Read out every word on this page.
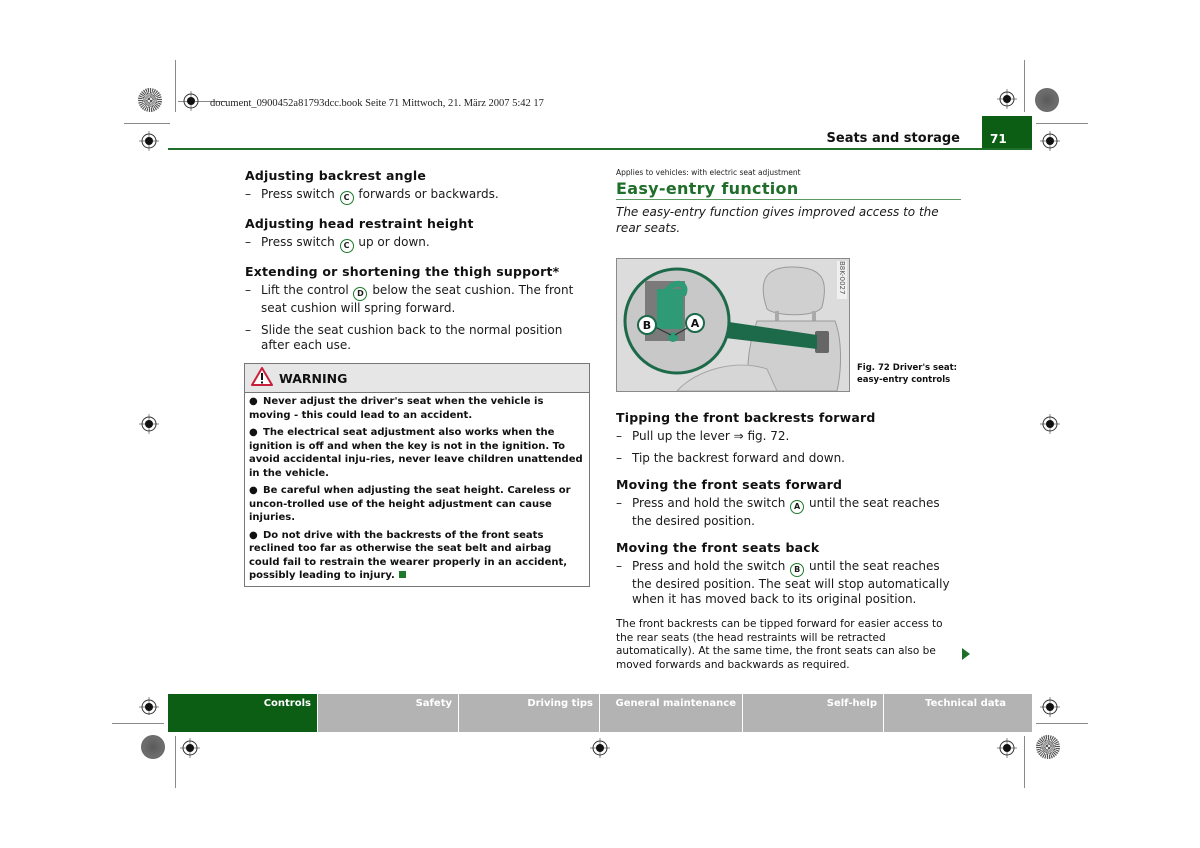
document_0900452a81793dcc.book Seite 71 Mittwoch, 21. März 2007 5:42 17
Seats and storage	71
Adjusting backrest angle
– Press switch C forwards or backwards.
Adjusting head restraint height
– Press switch C up or down.
Extending or shortening the thigh support*
– Lift the control D below the seat cushion. The front seat cushion will spring forward.
– Slide the seat cushion back to the normal position after each use.
WARNING

● Never adjust the driver's seat when the vehicle is moving - this could lead to an accident.

● The electrical seat adjustment also works when the ignition is off and when the key is not in the ignition. To avoid accidental inju-ries, never leave children unattended in the vehicle.

● Be careful when adjusting the seat height. Careless or uncon-trolled use of the height adjustment can cause injuries.

● Do not drive with the backrests of the front seats reclined too far as otherwise the seat belt and airbag could fail to restrain the wearer properly in an accident, possibly leading to injury.

Applies to vehicles: with electric seat adjustment
Easy-entry function
The easy-entry function gives improved access to the rear seats.
B	A
B8K-0027
Tipping the front backrests forward
– Pull up the lever ⇒ fig. 72.
– Tip the backrest forward and down.
Moving the front seats forward
– Press and hold the switch A until the seat reaches the desired position.
Moving the front seats back
– Press and hold the switch B until the seat reaches the desired position. The seat will stop automatically when it has moved back to its original position.
The front backrests can be tipped forward for easier access to the rear seats (the head restraints will be retracted automatically). At the same time, the front seats can also be moved forwards and backwards as required.
Fig. 72 Driver's seat:
easy-entry controls
Controls	Safety	Driving tips	General maintenance	Self-help	Technical data
